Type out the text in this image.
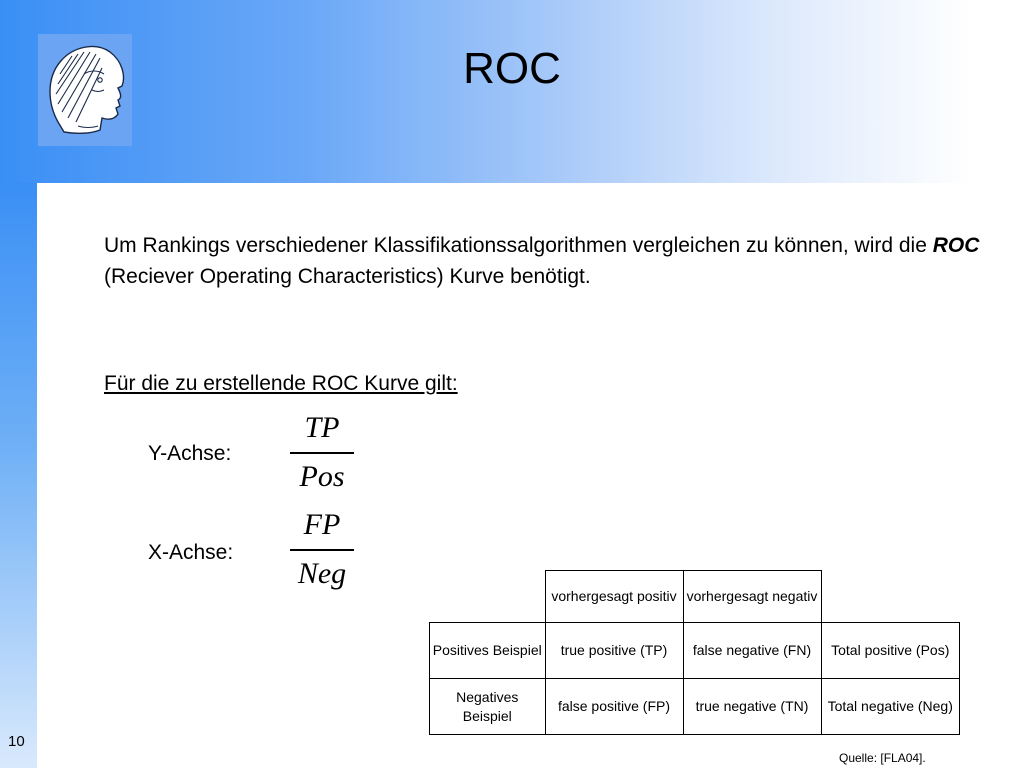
ROC
Um Rankings verschiedener Klassifikationssalgorithmen vergleichen zu können, wird die ROC (Reciever Operating Characteristics) Kurve benötigt.
Für die zu erstellende ROC Kurve gilt:
Y-Achse:
TP
Pos
X-Achse:
FP
Neg
	vorhergesagt positiv	vorhergesagt negativ	
Positives Beispiel	true positive (TP)	false negative (FN)	Total positive (Pos)
Negatives Beispiel	false positive (FP)	true negative (TN)	Total negative (Neg)
10
Quelle: [FLA04].
